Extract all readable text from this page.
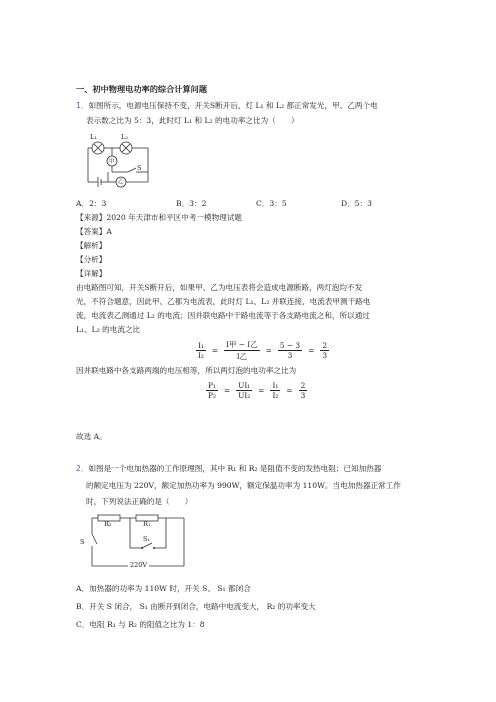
一、初中物理电功率的综合计算问题
1．如图所示，电源电压保持不变，开关S断开后，灯 L₁ 和 L₂ 都正常发光，甲、乙两个电
表示数之比为 5：3，此时灯 L₁ 和 L₂ 的电功率之比为（　　）
L₁	L₂
甲
乙
S
A．2：3	B．3：2	C．3：5	D．5：3
【来源】2020 年天津市和平区中考一模物理试题
【答案】A
【解析】
【分析】
【详解】
由电路图可知，开关S断开后，如果甲、乙为电压表将会造成电源断路，两灯泡均不发
光，不符合题意，因此甲、乙都为电流表，此时灯 L₁、L₂ 并联连接，电流表甲测干路电
流，电流表乙测通过 L₂ 的电流；因并联电路中干路电流等于各支路电流之和，所以通过
L₁、L₂ 的电流之比
$\frac{\text{I₁}}{\text{I₂}}$ =
I甲 − I乙
I乙
= $\frac{5 - 3}{3} = \frac{2}{3}$
因并联电路中各支路两端的电压相等，所以两灯泡的电功率之比为
$\frac{\text{P₁}}{\text{P₂}} = \frac{\text{UI₁}}{\text{UI₂}} = \frac{\text{I₁}}{\text{I₂}} = \frac{2}{3}$
故选 A。
2．如图是一个电加热器的工作原理图，其中 R₁ 和 R₂ 是阻值不变的发热电阻；已知加热器
的额定电压为 220V，额定加热功率为 990W，额定保温功率为 110W。当电加热器正常工作
时，下列说法正确的是（　　）
R₂	R₁
S	S₁
220V
A．加热器的功率为 110W 时，开关 S、 S₁ 都闭合
B．开关 S 闭合， S₁ 由断开到闭合，电路中电流变大， R₂ 的功率变大
C．电阻 R₁ 与 R₂ 的阻值之比为 1：8
